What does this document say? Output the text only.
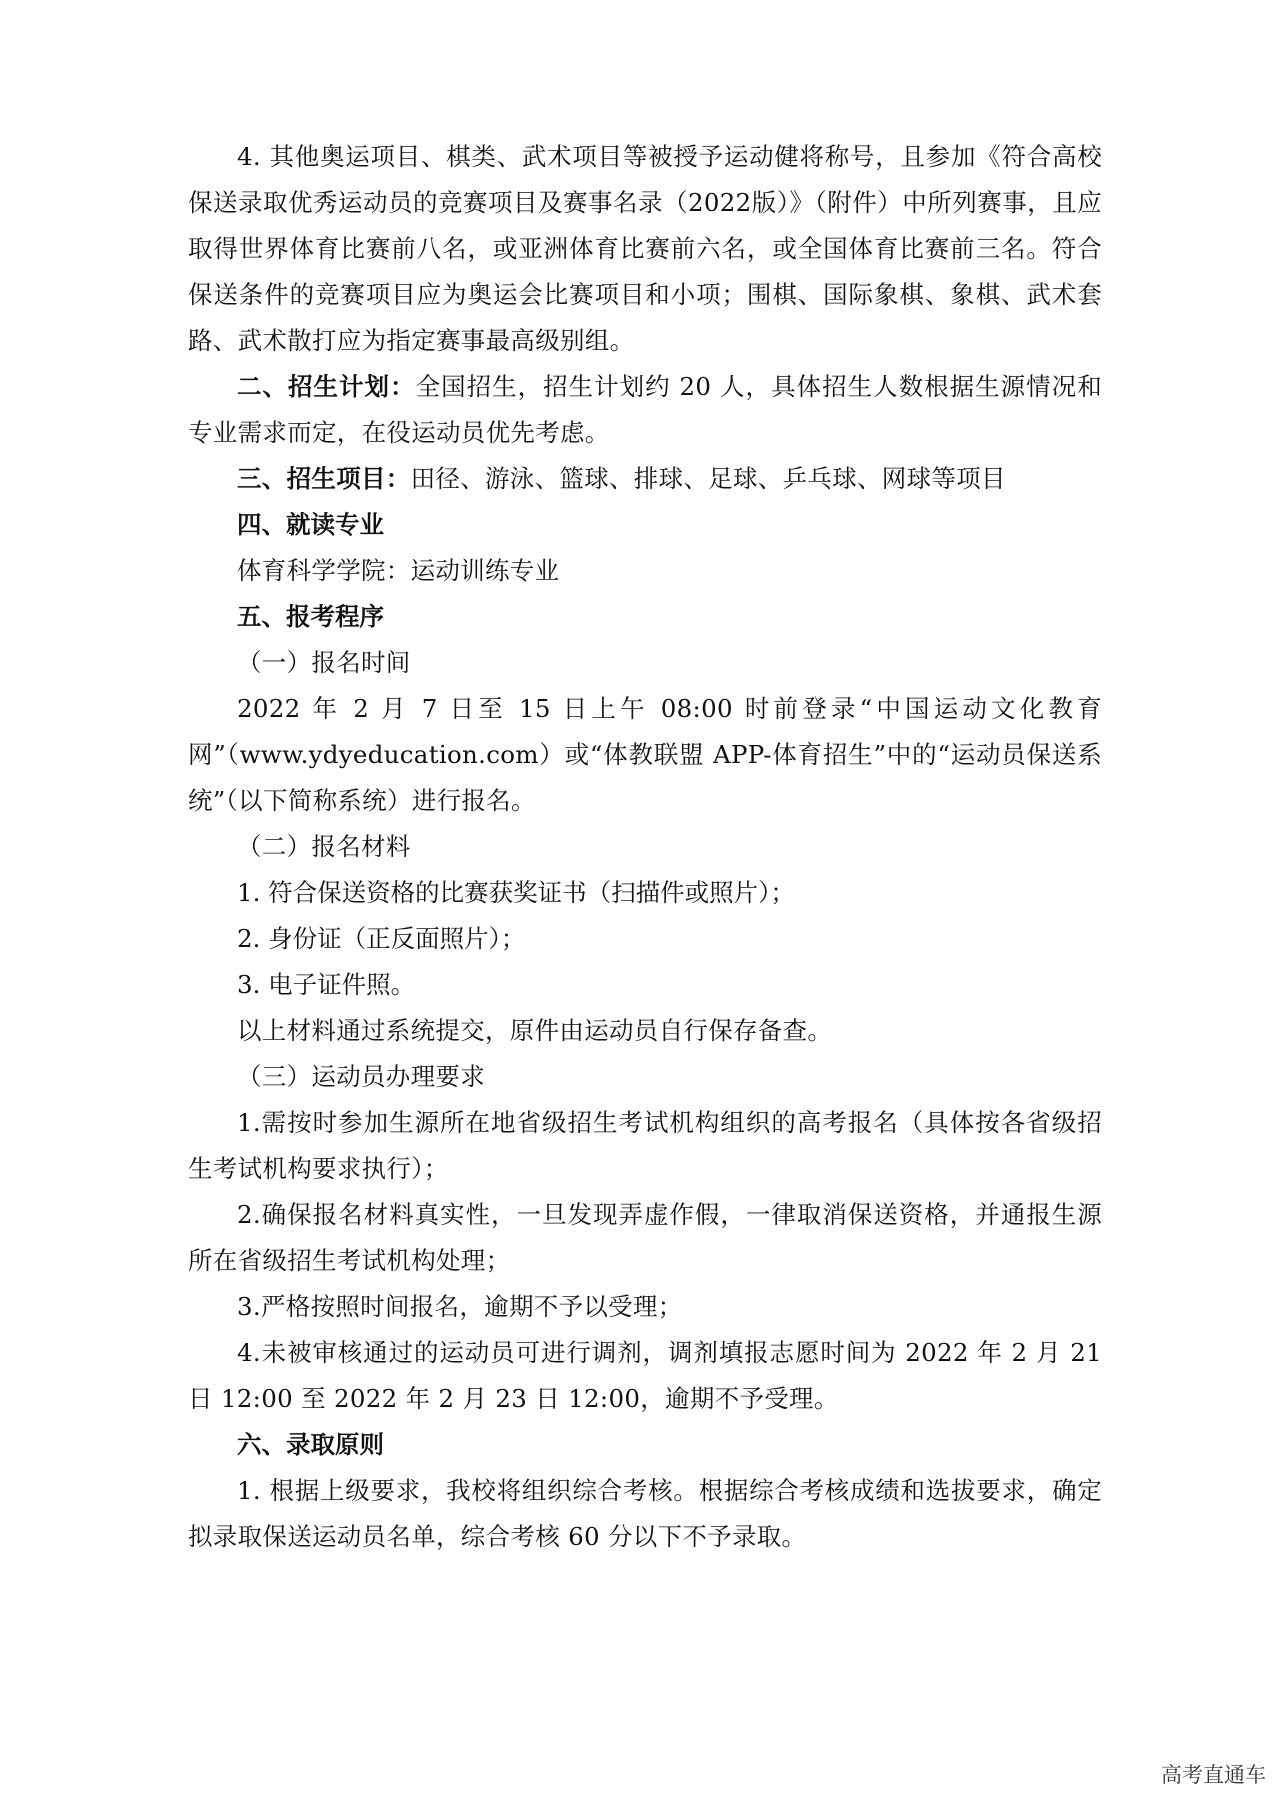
4. 其他奥运项目、棋类、武术项目等被授予运动健将称号，且参加《符合高校保送录取优秀运动员的竞赛项目及赛事名录（2022版）》（附件）中所列赛事，且应取得世界体育比赛前八名，或亚洲体育比赛前六名，或全国体育比赛前三名。符合保送条件的竞赛项目应为奥运会比赛项目和小项；围棋、国际象棋、象棋、武术套路、武术散打应为指定赛事最高级别组。

二、招生计划：全国招生，招生计划约 20 人，具体招生人数根据生源情况和专业需求而定，在役运动员优先考虑。

三、招生项目：田径、游泳、篮球、排球、足球、乒乓球、网球等项目

四、就读专业

体育科学学院：运动训练专业

五、报考程序

（一）报名时间

2022 年 2 月 7 日至 15 日上午 08:00 时前登录“中国运动文化教育网”（www.ydyeducation.com）或“体教联盟 APP-体育招生”中的“运动员保送系统”（以下简称系统）进行报名。

（二）报名材料

1. 符合保送资格的比赛获奖证书（扫描件或照片）；

2. 身份证（正反面照片）；

3. 电子证件照。

以上材料通过系统提交，原件由运动员自行保存备查。

（三）运动员办理要求

1.需按时参加生源所在地省级招生考试机构组织的高考报名（具体按各省级招生考试机构要求执行）；

2.确保报名材料真实性，一旦发现弄虚作假，一律取消保送资格，并通报生源所在省级招生考试机构处理；

3.严格按照时间报名，逾期不予以受理；

4.未被审核通过的运动员可进行调剂，调剂填报志愿时间为 2022 年 2 月 21 日 12:00 至 2022 年 2 月 23 日 12:00，逾期不予受理。

六、录取原则

1. 根据上级要求，我校将组织综合考核。根据综合考核成绩和选拔要求，确定拟录取保送运动员名单，综合考核 60 分以下不予录取。

高考直通车
